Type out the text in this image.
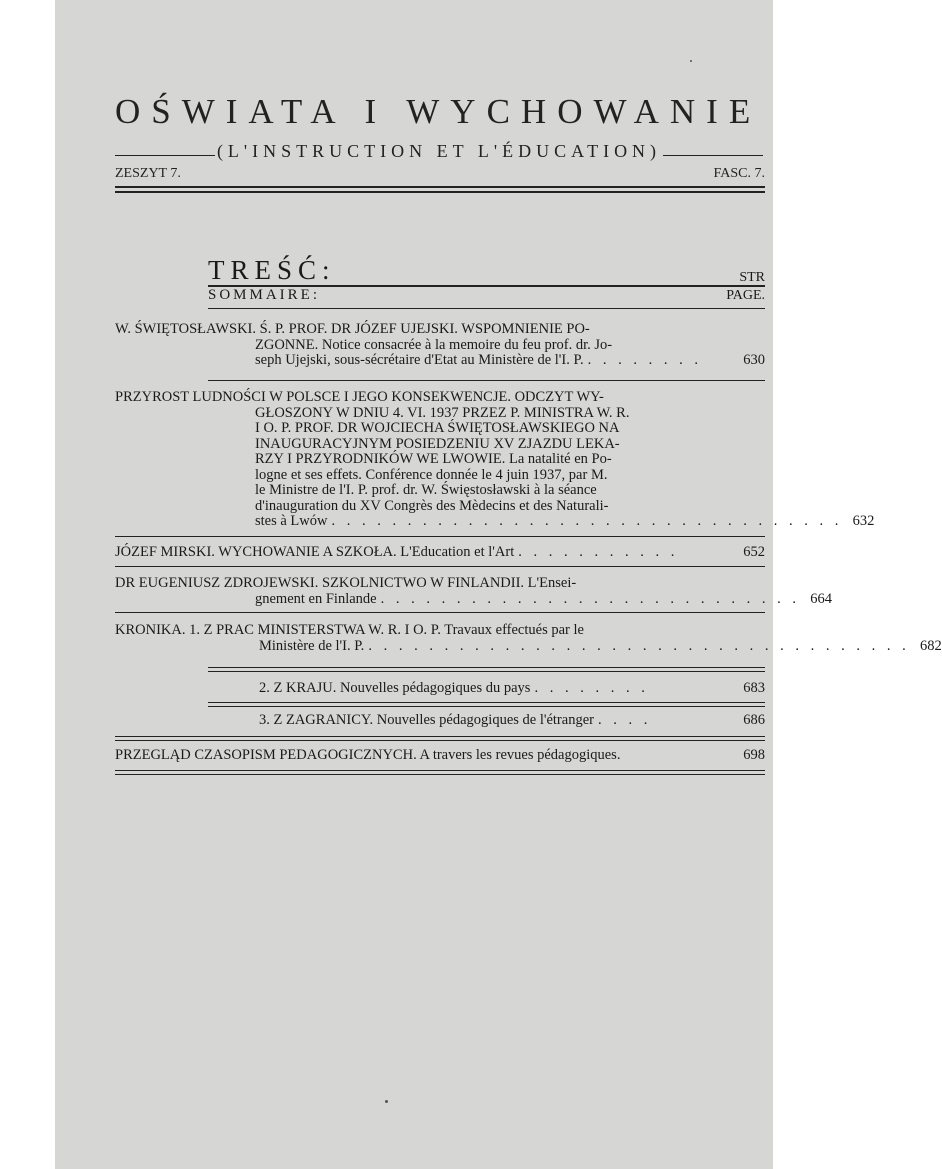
OŚWIATA I WYCHOWANIE
(L'INSTRUCTION ET L'ÉDUCATION)
ZESZYT 7.	FASC. 7.
TREŚĆ:	STR
SOMMAIRE:	PAGE.
W. ŚWIĘTOSŁAWSKI. Ś. P. PROF. DR JÓZEF UJEJSKI. WSPOMNIENIE PO-
ZGONNE. Notice consacrée à la memoire du feu prof. dr. Jo-
seph Ujejski, sous-sécrétaire d'Etat au Ministère de l'I. P. . . . . . . . .	630
PRZYROST LUDNOŚCI W POLSCE I JEGO KONSEKWENCJE. ODCZYT WY-
GŁOSZONY W DNIU 4. VI. 1937 PRZEZ P. MINISTRA W. R.
I O. P. PROF. DR WOJCIECHA ŚWIĘTOSŁAWSKIEGO NA
INAUGURACYJNYM POSIEDZENIU XV ZJAZDU LEKA-
RZY I PRZYRODNIKÓW WE LWOWIE. La natalité en Po-
logne et ses effets. Conférence donnée le 4 juin 1937, par M.
le Ministre de l'I. P. prof. dr. W. Święstosławski à la séance
d'inauguration du XV Congrès des Mèdecins et des Naturali-
stes à Lwów . . . . . . . . . . . . . . . . . . . . . . . . . . . . . . . . . . 632
JÓZEF MIRSKI. WYCHOWANIE A SZKOŁA. L'Education et l'Art . . . . . . . . . . .	652
DR EUGENIUSZ ZDROJEWSKI. SZKOLNICTWO W FINLANDII. L'Ensei-
gnement en Finlande . . . . . . . . . . . . . . . . . . . . . . . . . . . . 664
KRONIKA. 1. Z PRAC MINISTERSTWA W. R. I O. P. Travaux effectués par le
Ministère de l'I. P. . . . . . . . . . . . . . . . . . . . . . . . . . . . . . . . . . . . . 682
2. Z KRAJU. Nouvelles pédagogiques du pays . . . . . . . .	683
3. Z ZAGRANICY. Nouvelles pédagogiques de l'étranger . . . .	686
PRZEGLĄD CZASOPISM PEDAGOGICZNYCH. A travers les revues pédagogiques.	698
